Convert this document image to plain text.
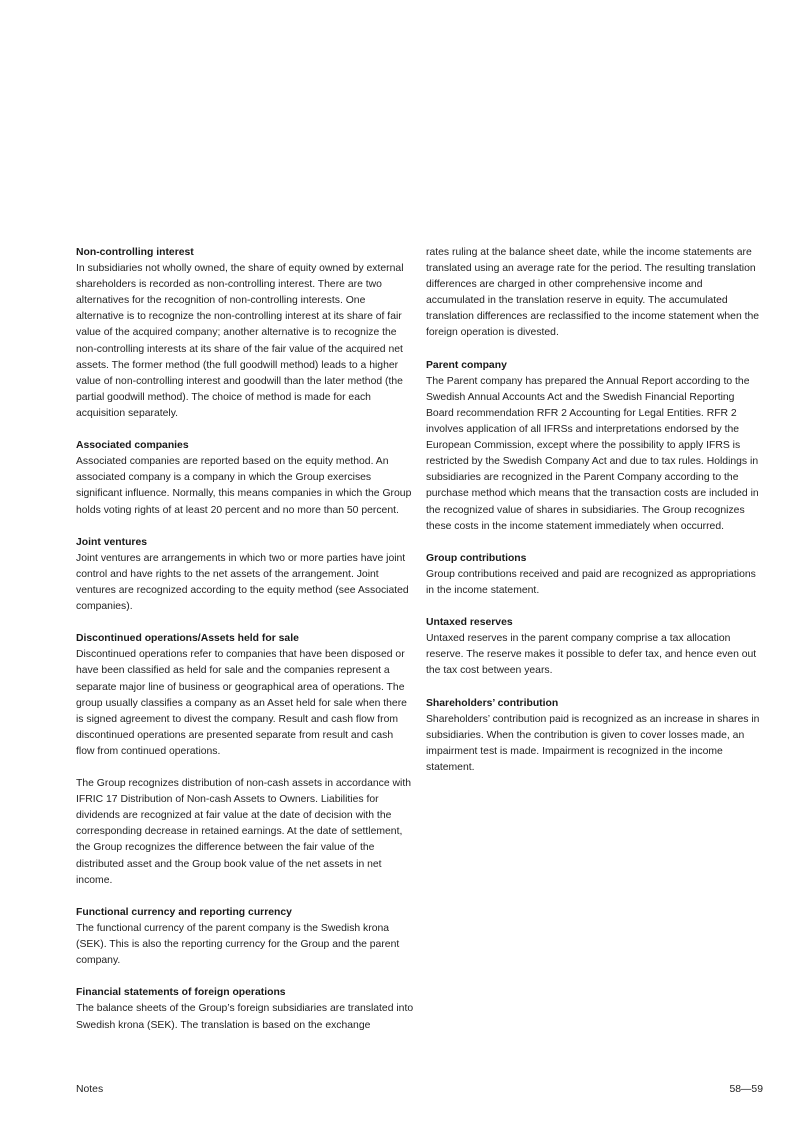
Non-controlling interest

In subsidiaries not wholly owned, the share of equity owned by external shareholders is recorded as non-controlling interest. There are two alternatives for the recognition of non-controlling interests. One alternative is to recognize the non-controlling interest at its share of fair value of the acquired company; another alternative is to recognize the non-controlling interests at its share of the fair value of the acquired net assets. The former method (the full goodwill method) leads to a higher value of non-controlling interest and goodwill than the later method (the partial goodwill method). The choice of method is made for each acquisition separately.

Associated companies

Associated companies are reported based on the equity method. An associated company is a company in which the Group exercises significant influence. Normally, this means companies in which the Group holds voting rights of at least 20 percent and no more than 50 percent.

Joint ventures

Joint ventures are arrangements in which two or more parties have joint control and have rights to the net assets of the arrangement. Joint ventures are recognized according to the equity method (see Associated companies).

Discontinued operations/Assets held for sale

Discontinued operations refer to companies that have been disposed or have been classified as held for sale and the companies represent a separate major line of business or geographical area of operations. The group usually classifies a company as an Asset held for sale when there is signed agreement to divest the company. Result and cash flow from discontinued operations are presented separate from result and cash flow from continued operations.

The Group recognizes distribution of non-cash assets in accordance with IFRIC 17 Distribution of Non-cash Assets to Owners. Liabilities for dividends are recognized at fair value at the date of decision with the corresponding decrease in retained earnings. At the date of settlement, the Group recognizes the difference between the fair value of the distributed asset and the Group book value of the net assets in net income.

Functional currency and reporting currency

The functional currency of the parent company is the Swedish krona (SEK). This is also the reporting currency for the Group and the parent company.

Financial statements of foreign operations

The balance sheets of the Group’s foreign subsidiaries are translated into Swedish krona (SEK). The translation is based on the exchange

rates ruling at the balance sheet date, while the income statements are translated using an average rate for the period. The resulting translation differences are charged in other comprehensive income and accumulated in the translation reserve in equity. The accumulated translation differences are reclassified to the income statement when the foreign operation is divested.

Parent company

The Parent company has prepared the Annual Report according to the Swedish Annual Accounts Act and the Swedish Financial Reporting Board recommendation RFR 2 Accounting for Legal Entities. RFR 2 involves application of all IFRSs and interpretations endorsed by the European Commission, except where the possibility to apply IFRS is restricted by the Swedish Company Act and due to tax rules. Holdings in subsidiaries are recognized in the Parent Company according to the purchase method which means that the transaction costs are included in the recognized value of shares in subsidiaries. The Group recognizes these costs in the income statement immediately when occurred.

Group contributions

Group contributions received and paid are recognized as appropriations in the income statement.

Untaxed reserves

Untaxed reserves in the parent company comprise a tax allocation reserve. The reserve makes it possible to defer tax, and hence even out the tax cost between years.

Shareholders’ contribution

Shareholders’ contribution paid is recognized as an increase in shares in subsidiaries. When the contribution is given to cover losses made, an impairment test is made. Impairment is recognized in the income statement.

Notes	58—59
